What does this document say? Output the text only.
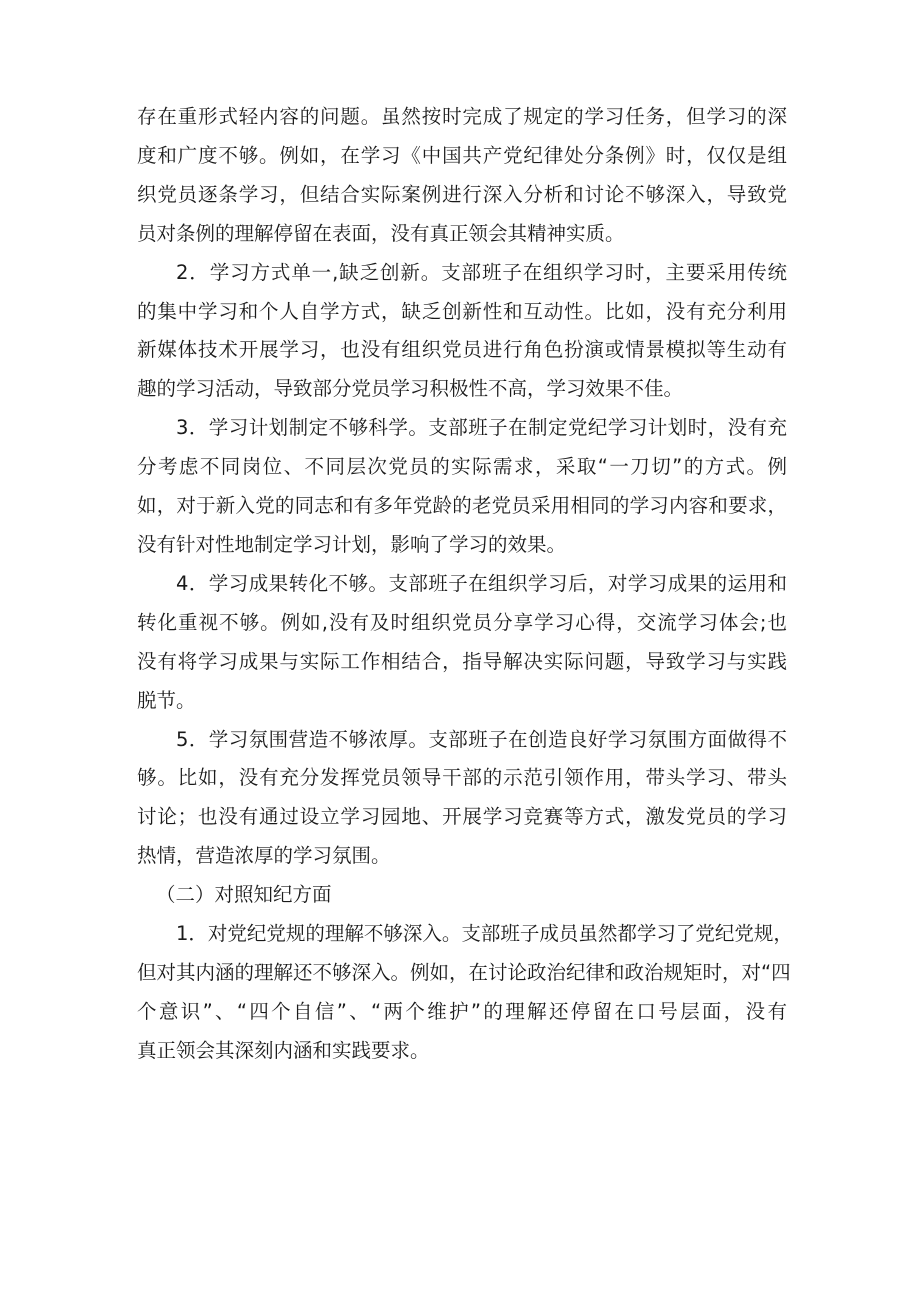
存在重形式轻内容的问题。虽然按时完成了规定的学习任务，但学习的深
度和广度不够。例如，在学习《中国共产党纪律处分条例》时，仅仅是组
织党员逐条学习，但结合实际案例进行深入分析和讨论不够深入，导致党
员对条例的理解停留在表面，没有真正领会其精神实质。
2．学习方式单一,缺乏创新。支部班子在组织学习时，主要采用传统
的集中学习和个人自学方式，缺乏创新性和互动性。比如，没有充分利用
新媒体技术开展学习，也没有组织党员进行角色扮演或情景模拟等生动有
趣的学习活动，导致部分党员学习积极性不高，学习效果不佳。
3．学习计划制定不够科学。支部班子在制定党纪学习计划时，没有充
分考虑不同岗位、不同层次党员的实际需求，采取“一刀切”的方式。例
如，对于新入党的同志和有多年党龄的老党员采用相同的学习内容和要求，
没有针对性地制定学习计划，影响了学习的效果。
4．学习成果转化不够。支部班子在组织学习后，对学习成果的运用和
转化重视不够。例如,没有及时组织党员分享学习心得，交流学习体会;也
没有将学习成果与实际工作相结合，指导解决实际问题，导致学习与实践
脱节。
5．学习氛围营造不够浓厚。支部班子在创造良好学习氛围方面做得不
够。比如，没有充分发挥党员领导干部的示范引领作用，带头学习、带头
讨论；也没有通过设立学习园地、开展学习竞赛等方式，激发党员的学习
热情，营造浓厚的学习氛围。
（二）对照知纪方面
1．对党纪党规的理解不够深入。支部班子成员虽然都学习了党纪党规，
但对其内涵的理解还不够深入。例如，在讨论政治纪律和政治规矩时，对“四
个意识”、“四个自信”、“两个维护”的理解还停留在口号层面，没有
真正领会其深刻内涵和实践要求。
